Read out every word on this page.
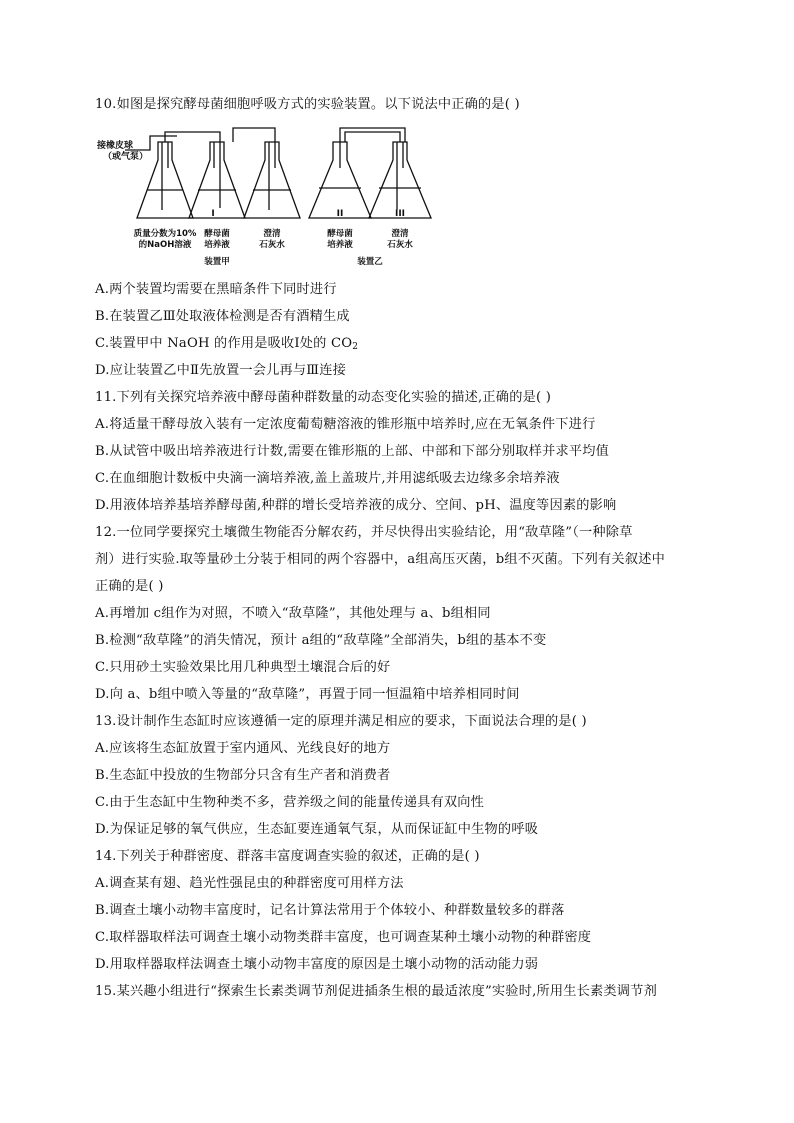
10.如图是探究酵母菌细胞呼吸方式的实验装置。以下说法中正确的是( )
接橡皮球
（或气泵）
I	II	III
质量分数为10%
的NaOH溶液
酵母菌
培养液
澄清
石灰水
酵母菌
培养液
澄清
石灰水
装置甲	装置乙
A.两个装置均需要在黑暗条件下同时进行
B.在装置乙Ⅲ处取液体检测是否有酒精生成
C.装置甲中 NaOH 的作用是吸收Ⅰ处的 $CO_2$
D.应让装置乙中Ⅱ先放置一会儿再与Ⅲ连接
11.下列有关探究培养液中酵母菌种群数量的动态变化实验的描述,正确的是( )
A.将适量干酵母放入装有一定浓度葡萄糖溶液的锥形瓶中培养时,应在无氧条件下进行
B.从试管中吸出培养液进行计数,需要在锥形瓶的上部、中部和下部分别取样并求平均值
C.在血细胞计数板中央滴一滴培养液,盖上盖玻片,并用滤纸吸去边缘多余培养液
D.用液体培养基培养酵母菌,种群的增长受培养液的成分、空间、pH、温度等因素的影响
12.一位同学要探究土壤微生物能否分解农药，并尽快得出实验结论，用“敌草隆”（一种除草
剂）进行实验.取等量砂土分装于相同的两个容器中，a组高压灭菌，b组不灭菌。下列有关叙述中
正确的是( )
A.再增加 c组作为对照，不喷入“敌草隆”，其他处理与 a、b组相同
B.检测“敌草隆”的消失情况，预计 a组的“敌草隆”全部消失，b组的基本不变
C.只用砂土实验效果比用几种典型土壤混合后的好
D.向 a、b组中喷入等量的“敌草隆”，再置于同一恒温箱中培养相同时间
13.设计制作生态缸时应该遵循一定的原理并满足相应的要求，下面说法合理的是( )
A.应该将生态缸放置于室内通风、光线良好的地方
B.生态缸中投放的生物部分只含有生产者和消费者
C.由于生态缸中生物种类不多，营养级之间的能量传递具有双向性
D.为保证足够的氧气供应，生态缸要连通氧气泵，从而保证缸中生物的呼吸
14.下列关于种群密度、群落丰富度调查实验的叙述，正确的是( )
A.调查某有翅、趋光性强昆虫的种群密度可用样方法
B.调查土壤小动物丰富度时，记名计算法常用于个体较小、种群数量较多的群落
C.取样器取样法可调查土壤小动物类群丰富度，也可调查某种土壤小动物的种群密度
D.用取样器取样法调查土壤小动物丰富度的原因是土壤小动物的活动能力弱
15.某兴趣小组进行“探索生长素类调节剂促进插条生根的最适浓度”实验时,所用生长素类调节剂
